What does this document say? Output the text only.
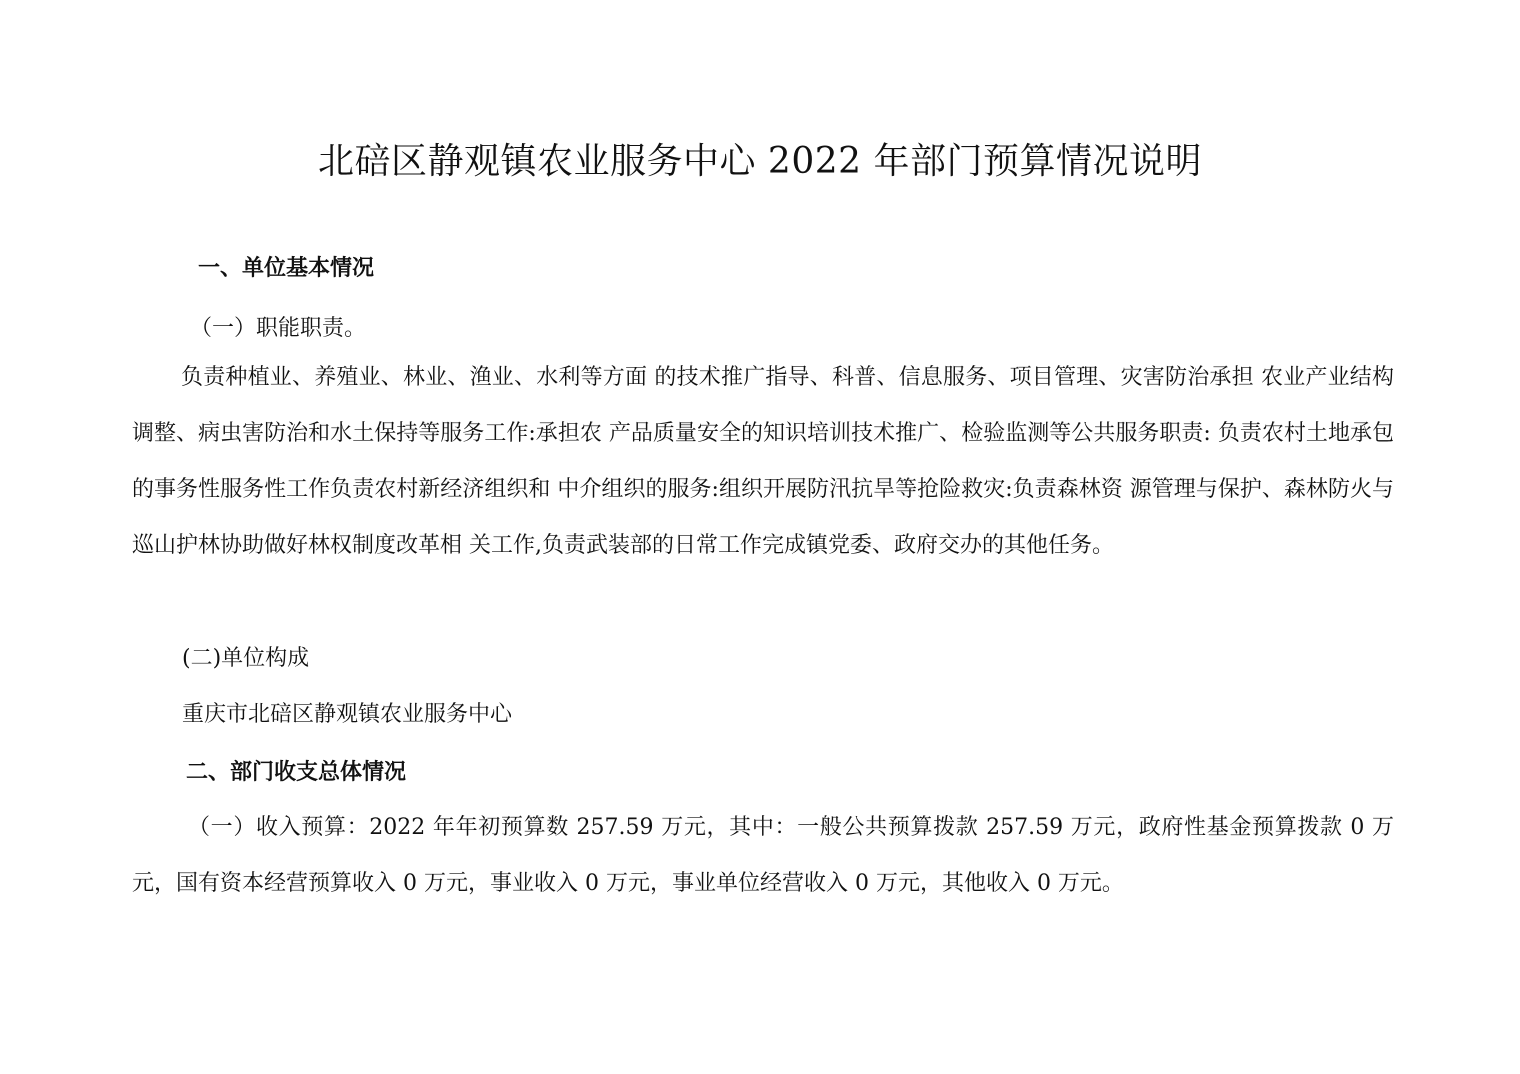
北碚区静观镇农业服务中心 2022 年部门预算情况说明

一、单位基本情况

（一）职能职责。

负责种植业、养殖业、林业、渔业、水利等方面 的技术推广指导、科普、信息服务、项目管理、灾害防治承担 农业产业结构调整、病虫害防治和水土保持等服务工作:承担农 产品质量安全的知识培训技术推广、检验监测等公共服务职责: 负责农村土地承包的事务性服务性工作负责农村新经济组织和 中介组织的服务:组织开展防汛抗旱等抢险救灾:负责森林资 源管理与保护、森林防火与巡山护林协助做好林权制度改革相 关工作,负责武装部的日常工作完成镇党委、政府交办的其他任务。

(二)单位构成

重庆市北碚区静观镇农业服务中心

二、部门收支总体情况

（一）收入预算：2022 年年初预算数 257.59 万元，其中：一般公共预算拨款 257.59 万元，政府性基金预算拨款 0 万元，国有资本经营预算收入 0 万元，事业收入 0 万元，事业单位经营收入 0 万元，其他收入 0 万元。
